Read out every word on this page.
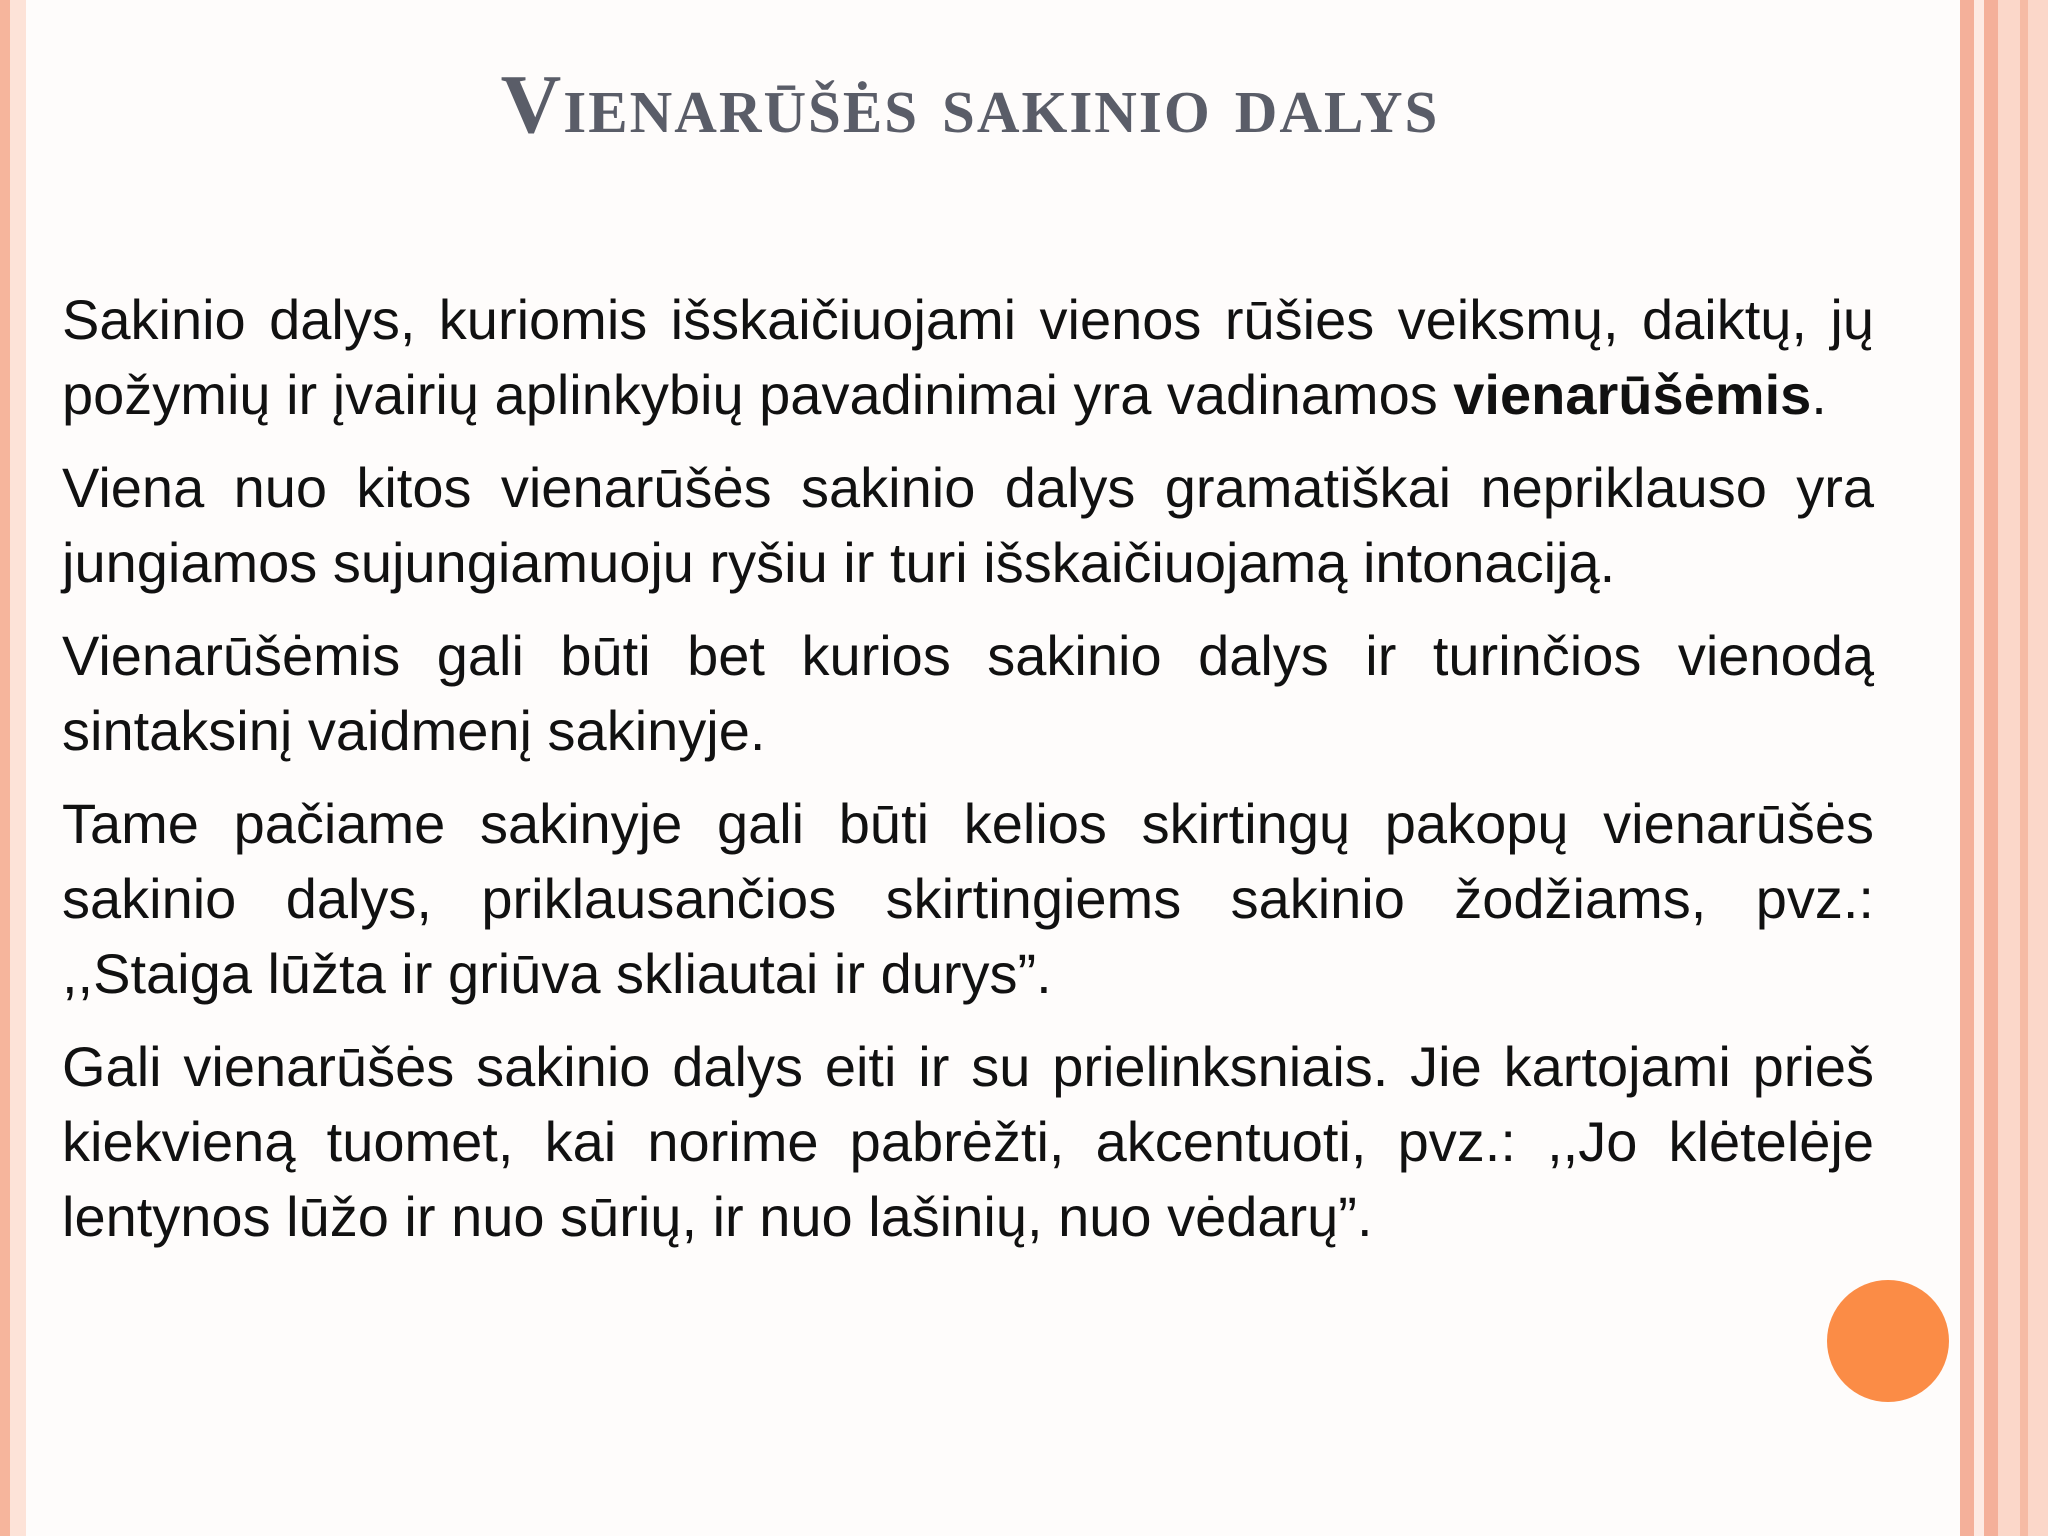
Vienarūšės sakinio dalys

Sakinio dalys, kuriomis išskaičiuojami vienos rūšies veiksmų, daiktų, jų požymių ir įvairių aplinkybių pavadinimai yra vadinamos vienarūšėmis.

Viena nuo kitos vienarūšės sakinio dalys gramatiškai nepriklauso yra jungiamos sujungiamuoju ryšiu ir turi išskaičiuojamą intonaciją.

Vienarūšėmis gali būti bet kurios sakinio dalys ir turinčios vienodą sintaksinį vaidmenį sakinyje.

Tame pačiame sakinyje gali būti kelios skirtingų pakopų vienarūšės sakinio dalys, priklausančios skirtingiems sakinio žodžiams, pvz.: ,,Staiga lūžta ir griūva skliautai ir durys”.

Gali vienarūšės sakinio dalys eiti ir su prielinksniais. Jie kartojami prieš kiekvieną tuomet, kai norime pabrėžti, akcentuoti, pvz.: ,,Jo klėtelėje lentynos lūžo ir nuo sūrių, ir nuo lašinių, nuo vėdarų”.
